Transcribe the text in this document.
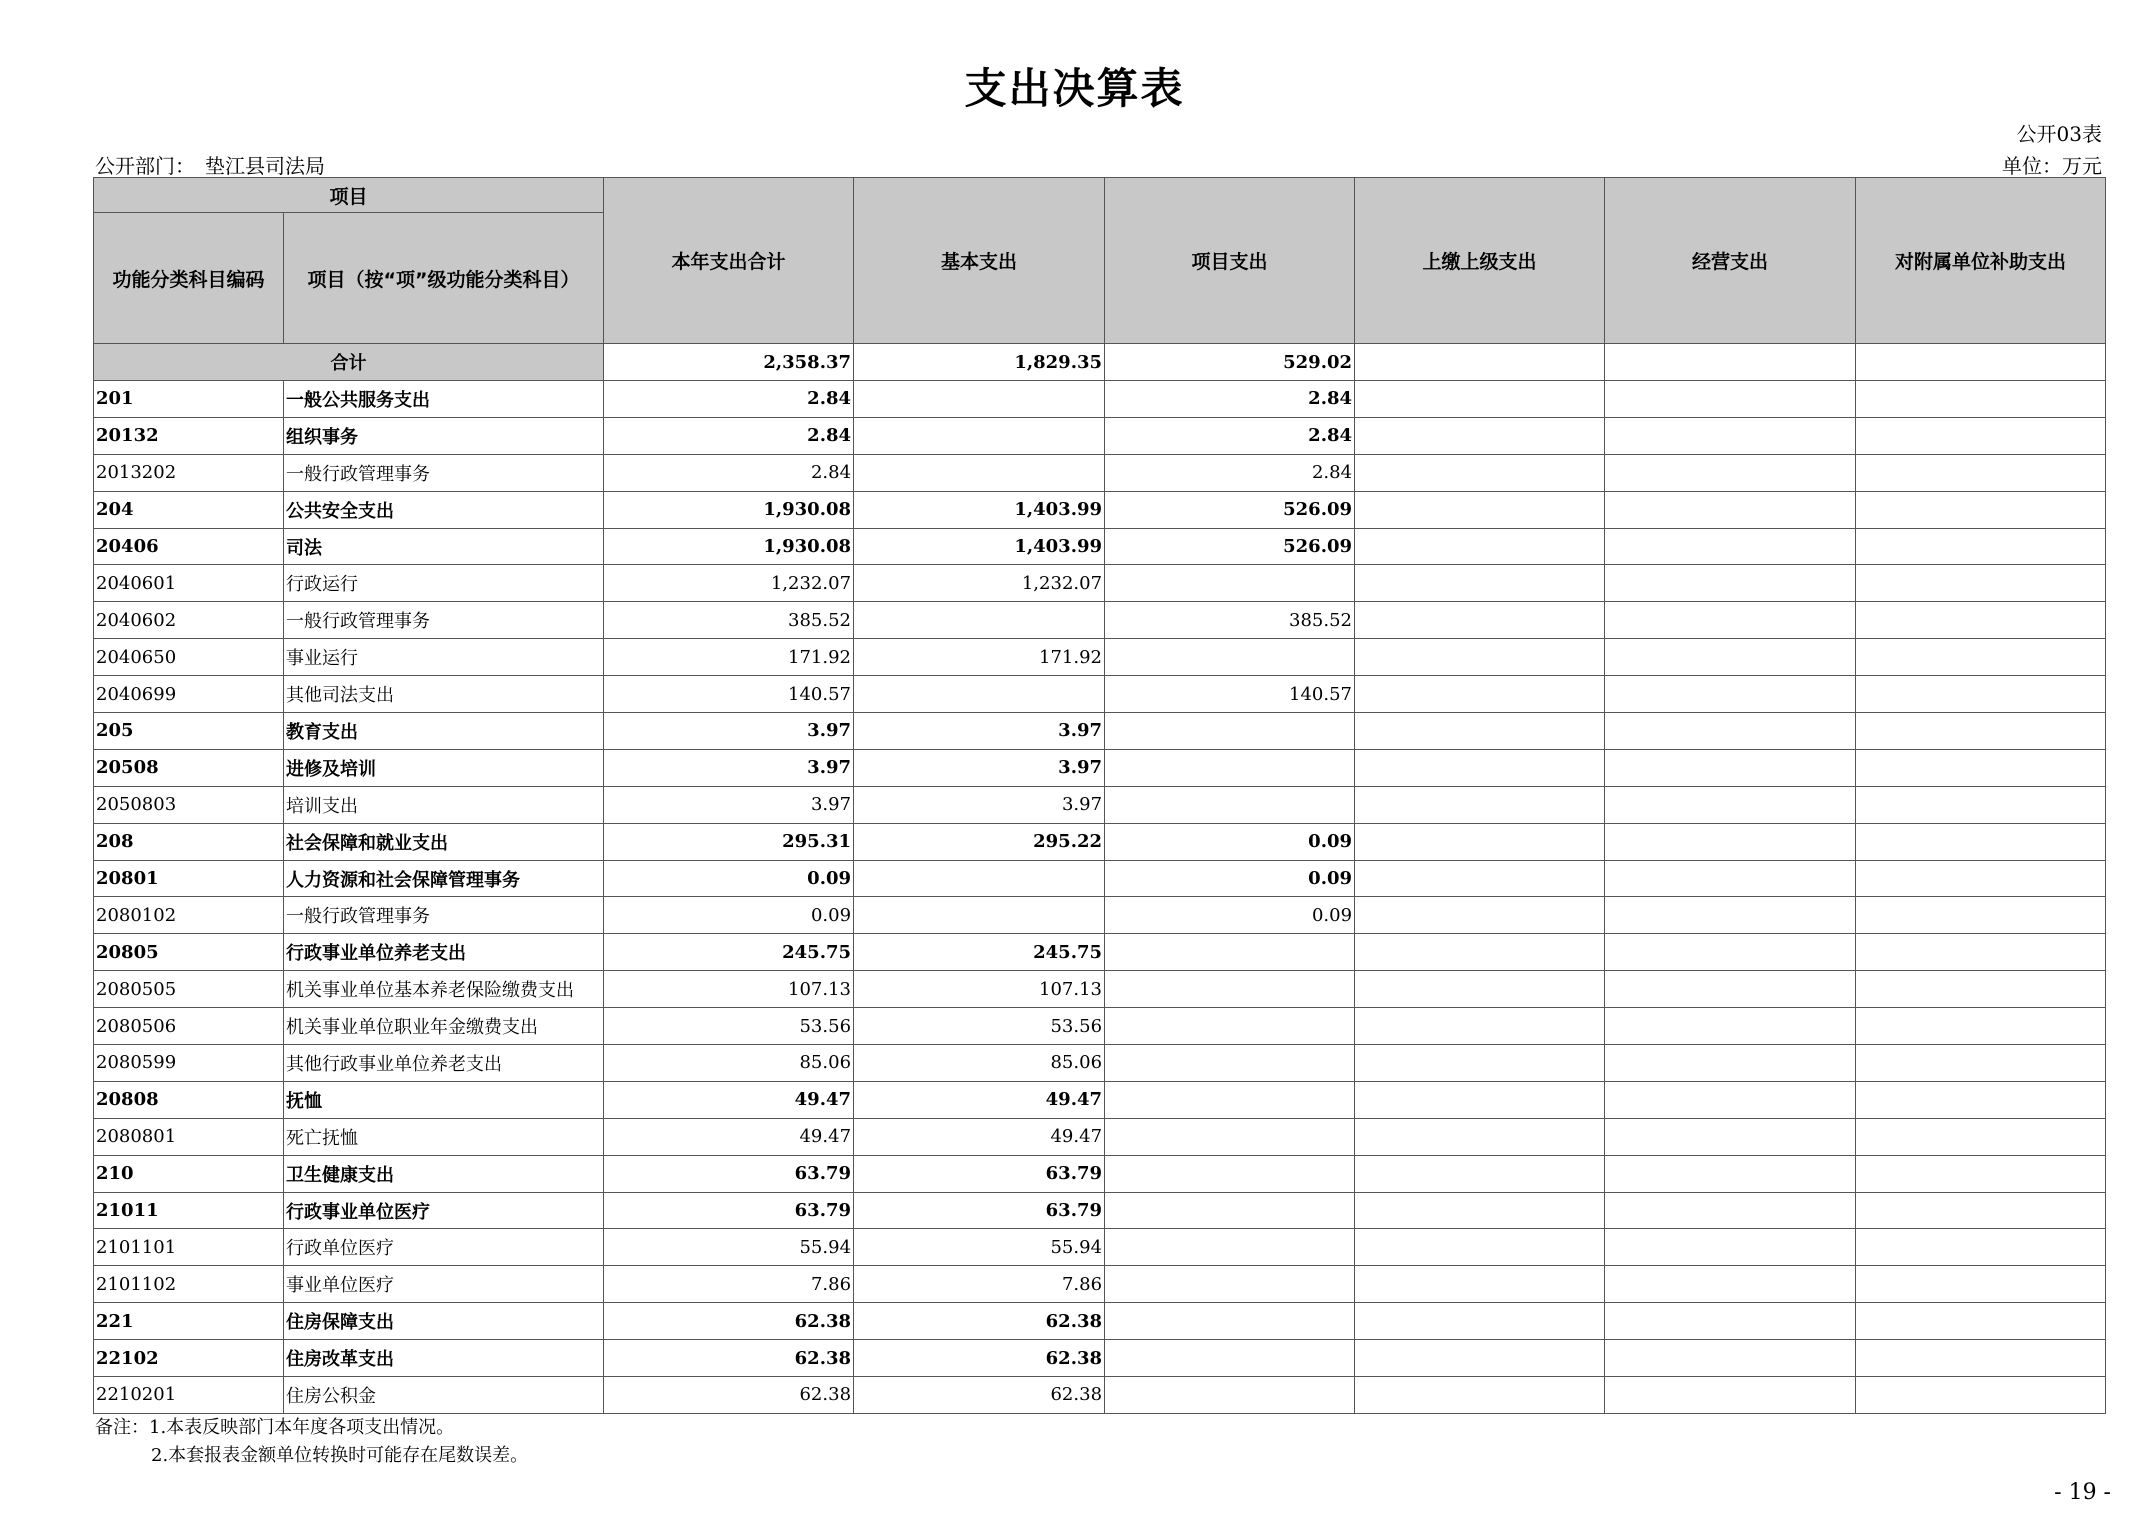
支出决算表
公开03表
公开部门：　垫江县司法局	单位：万元
项目		本年支出合计	基本支出	项目支出	上缴上级支出	经营支出	对附属单位补助支出
功能分类科目编码	项目（按“项”级功能分类科目）						
合计		2,358.37	1,829.35	529.02			
201	一般公共服务支出	2.84		2.84			
20132	组织事务	2.84		2.84			
2013202	一般行政管理事务	2.84		2.84			
204	公共安全支出	1,930.08	1,403.99	526.09			
20406	司法	1,930.08	1,403.99	526.09			
2040601	行政运行	1,232.07	1,232.07				
2040602	一般行政管理事务	385.52		385.52			
2040650	事业运行	171.92	171.92				
2040699	其他司法支出	140.57		140.57			
205	教育支出	3.97	3.97				
20508	进修及培训	3.97	3.97				
2050803	培训支出	3.97	3.97				
208	社会保障和就业支出	295.31	295.22	0.09			
20801	人力资源和社会保障管理事务	0.09		0.09			
2080102	一般行政管理事务	0.09		0.09			
20805	行政事业单位养老支出	245.75	245.75				
2080505	机关事业单位基本养老保险缴费支出	107.13	107.13				
2080506	机关事业单位职业年金缴费支出	53.56	53.56				
2080599	其他行政事业单位养老支出	85.06	85.06				
20808	抚恤	49.47	49.47				
2080801	死亡抚恤	49.47	49.47				
210	卫生健康支出	63.79	63.79				
21011	行政事业单位医疗	63.79	63.79				
2101101	行政单位医疗	55.94	55.94				
2101102	事业单位医疗	7.86	7.86				
221	住房保障支出	62.38	62.38				
22102	住房改革支出	62.38	62.38				
2210201	住房公积金	62.38	62.38				
备注：1.本表反映部门本年度各项支出情况。
2.本套报表金额单位转换时可能存在尾数误差。
- 19 -
